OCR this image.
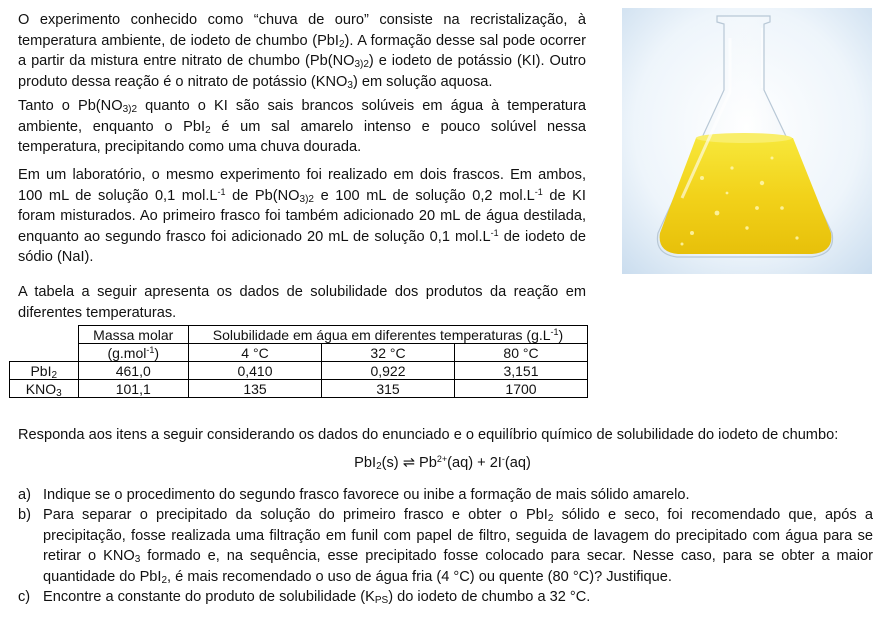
O experimento conhecido como “chuva de ouro” consiste na recristalização, à temperatura ambiente, de iodeto de chumbo (PbI$_2$). A formação desse sal pode ocorrer a partir da mistura entre nitrato de chumbo ($Pb(NO_{3)2})$ e iodeto de potássio (KI). Outro produto dessa reação é o nitrato de potássio $(KNO_3)$ em solução aquosa.

Tanto o $Pb(NO_{3)2}$ quanto o KI são sais brancos solúveis em água à temperatura ambiente, enquanto o PbI$_2$ é um sal amarelo intenso e pouco solúvel nessa temperatura, precipitando como uma chuva dourada.

Em um laboratório, o mesmo experimento foi realizado em dois frascos. Em ambos, 100 mL de solução 0,1 $mol.L^{-1}$ de $Pb(NO_{3)2}$ e 100 mL de solução 0,2 $mol.L^{-1}$ de KI foram misturados. Ao primeiro frasco foi também adicionado 20 mL de água destilada, enquanto ao segundo frasco foi adicionado 20 mL de solução 0,1 $mol.L^{-1}$ de iodeto de sódio (NaI).

A tabela a seguir apresenta os dados de solubilidade dos produtos da reação em diferentes temperaturas.

	Massa molar	Solubilidade em água em diferentes temperaturas $(g.L^{-1})$		
	(g.mol$^{-1}$)	4 °C	32 °C	80 °C
PbI$_2$	461,0	0,410	0,922	3,151
$KNO_3$	101,1	135	315	1700

Responda aos itens a seguir considerando os dados do enunciado e o equilíbrio químico de solubilidade do iodeto de chumbo:

PbI$_2$(s) ⇌ $Pb^{2+}(aq) + 2I^-(aq)$

a) Indique se o procedimento do segundo frasco favorece ou inibe a formação de mais sólido amarelo.
b) Para separar o precipitado da solução do primeiro frasco e obter o PbI$_2$ sólido e seco, foi recomendado que, após a precipitação, fosse realizada uma filtração em funil com papel de filtro, seguida de lavagem do precipitado com água para se retirar o $KNO_3$ formado e, na sequência, esse precipitado fosse colocado para secar. Nesse caso, para se obter a maior quantidade do PbI$_2$, é mais recomendado o uso de água fria (4 °C) ou quente (80 °C)? Justifique.
c) Encontre a constante do produto de solubilidade $(K_{PS})$ do iodeto de chumbo a 32 °C.
